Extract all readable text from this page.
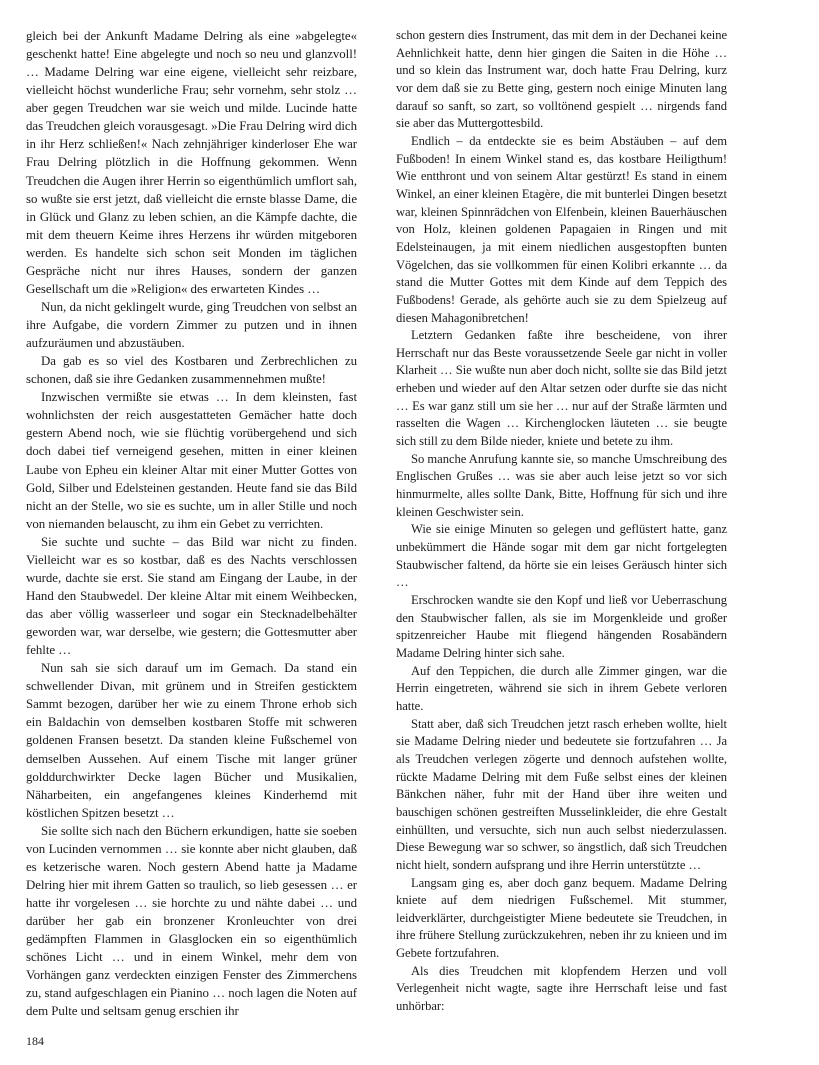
gleich bei der Ankunft Madame Delring als eine »abgelegte« geschenkt hatte! Eine abgelegte und noch so neu und glanzvoll! … Madame Delring war eine eigene, vielleicht sehr reizbare, vielleicht höchst wunderliche Frau; sehr vornehm, sehr stolz … aber gegen Treudchen war sie weich und milde. Lucinde hatte das Treudchen gleich vorausgesagt. »Die Frau Delring wird dich in ihr Herz schließen!« Nach zehnjähriger kinderloser Ehe war Frau Delring plötzlich in die Hoffnung gekommen. Wenn Treudchen die Augen ihrer Herrin so eigenthümlich umflort sah, so wußte sie erst jetzt, daß vielleicht die ernste blasse Dame, die in Glück und Glanz zu leben schien, an die Kämpfe dachte, die mit dem theuern Keime ihres Herzens ihr würden mitgeboren werden. Es handelte sich schon seit Monden im täglichen Gespräche nicht nur ihres Hauses, sondern der ganzen Gesellschaft um die »Religion« des erwarteten Kindes …

Nun, da nicht geklingelt wurde, ging Treudchen von selbst an ihre Aufgabe, die vordern Zimmer zu putzen und in ihnen aufzuräumen und abzustäuben.

Da gab es so viel des Kostbaren und Zerbrechlichen zu schonen, daß sie ihre Gedanken zusammennehmen mußte!

Inzwischen vermißte sie etwas … In dem kleinsten, fast wohnlichsten der reich ausgestatteten Gemächer hatte doch gestern Abend noch, wie sie flüchtig vorübergehend und sich doch dabei tief verneigend gesehen, mitten in einer kleinen Laube von Epheu ein kleiner Altar mit einer Mutter Gottes von Gold, Silber und Edelsteinen gestanden. Heute fand sie das Bild nicht an der Stelle, wo sie es suchte, um in aller Stille und noch von niemanden belauscht, zu ihm ein Gebet zu verrichten.

Sie suchte und suchte – das Bild war nicht zu finden. Vielleicht war es so kostbar, daß es des Nachts verschlossen wurde, dachte sie erst. Sie stand am Eingang der Laube, in der Hand den Staubwedel. Der kleine Altar mit einem Weihbecken, das aber völlig wasserleer und sogar ein Stecknadelbehälter geworden war, war derselbe, wie gestern; die Gottesmutter aber fehlte …

Nun sah sie sich darauf um im Gemach. Da stand ein schwellender Divan, mit grünem und in Streifen gesticktem Sammt bezogen, darüber her wie zu einem Throne erhob sich ein Baldachin von demselben kostbaren Stoffe mit schweren goldenen Fransen besetzt. Da standen kleine Fußschemel von demselben Aussehen. Auf einem Tische mit langer grüner golddurchwirkter Decke lagen Bücher und Musikalien, Näharbeiten, ein angefangenes kleines Kinderhemd mit köstlichen Spitzen besetzt …

Sie sollte sich nach den Büchern erkundigen, hatte sie soeben von Lucinden vernommen … sie konnte aber nicht glauben, daß es ketzerische waren. Noch gestern Abend hatte ja Madame Delring hier mit ihrem Gatten so traulich, so lieb gesessen … er hatte ihr vorgelesen … sie horchte zu und nähte dabei … und darüber her gab ein bronzener Kronleuchter von drei gedämpften Flammen in Glasglocken ein so eigenthümlich schönes Licht … und in einem Winkel, mehr dem von Vorhängen ganz verdeckten einzigen Fenster des Zimmerchens zu, stand aufgeschlagen ein Pianino … noch lagen die Noten auf dem Pulte und seltsam genug erschien ihr

schon gestern dies Instrument, das mit dem in der Dechanei keine Aehnlichkeit hatte, denn hier gingen die Saiten in die Höhe … und so klein das Instrument war, doch hatte Frau Delring, kurz vor dem daß sie zu Bette ging, gestern noch einige Minuten lang darauf so sanft, so zart, so volltönend gespielt … nirgends fand sie aber das Muttergottesbild.

Endlich – da entdeckte sie es beim Abstäuben – auf dem Fußboden! In einem Winkel stand es, das kostbare Heiligthum! Wie entthront und von seinem Altar gestürzt! Es stand in einem Winkel, an einer kleinen Etagère, die mit bunterlei Dingen besetzt war, kleinen Spinnrädchen von Elfenbein, kleinen Bauerhäuschen von Holz, kleinen goldenen Papagaien in Ringen und mit Edelsteinaugen, ja mit einem niedlichen ausgestopften bunten Vögelchen, das sie vollkommen für einen Kolibri erkannte … da stand die Mutter Gottes mit dem Kinde auf dem Teppich des Fußbodens! Gerade, als gehörte auch sie zu dem Spielzeug auf diesen Mahagonibretchen!

Letztern Gedanken faßte ihre bescheidene, von ihrer Herrschaft nur das Beste voraussetzende Seele gar nicht in voller Klarheit … Sie wußte nun aber doch nicht, sollte sie das Bild jetzt erheben und wieder auf den Altar setzen oder durfte sie das nicht … Es war ganz still um sie her … nur auf der Straße lärmten und rasselten die Wagen … Kirchenglocken läuteten … sie beugte sich still zu dem Bilde nieder, kniete und betete zu ihm.

So manche Anrufung kannte sie, so manche Umschreibung des Englischen Grußes … was sie aber auch leise jetzt so vor sich hinmurmelte, alles sollte Dank, Bitte, Hoffnung für sich und ihre kleinen Geschwister sein.

Wie sie einige Minuten so gelegen und geflüstert hatte, ganz unbekümmert die Hände sogar mit dem gar nicht fortgelegten Staubwischer faltend, da hörte sie ein leises Geräusch hinter sich …

Erschrocken wandte sie den Kopf und ließ vor Ueberraschung den Staubwischer fallen, als sie im Morgenkleide und großer spitzenreicher Haube mit fliegend hängenden Rosabändern Madame Delring hinter sich sahe.

Auf den Teppichen, die durch alle Zimmer gingen, war die Herrin eingetreten, während sie sich in ihrem Gebete verloren hatte.

Statt aber, daß sich Treudchen jetzt rasch erheben wollte, hielt sie Madame Delring nieder und bedeutete sie fortzufahren … Ja als Treudchen verlegen zögerte und dennoch aufstehen wollte, rückte Madame Delring mit dem Fuße selbst eines der kleinen Bänkchen näher, fuhr mit der Hand über ihre weiten und bauschigen schönen gestreiften Musselinkleider, die ehre Gestalt einhüllten, und versuchte, sich nun auch selbst niederzulassen. Diese Bewegung war so schwer, so ängstlich, daß sich Treudchen nicht hielt, sondern aufsprang und ihre Herrin unterstützte …

Langsam ging es, aber doch ganz bequem. Madame Delring kniete auf dem niedrigen Fußschemel. Mit stummer, leidverklärter, durchgeistigter Miene bedeutete sie Treudchen, in ihre frühere Stellung zurückzukehren, neben ihr zu knieen und im Gebete fortzufahren.

Als dies Treudchen mit klopfendem Herzen und voll Verlegenheit nicht wagte, sagte ihre Herrschaft leise und fast unhörbar:

184
